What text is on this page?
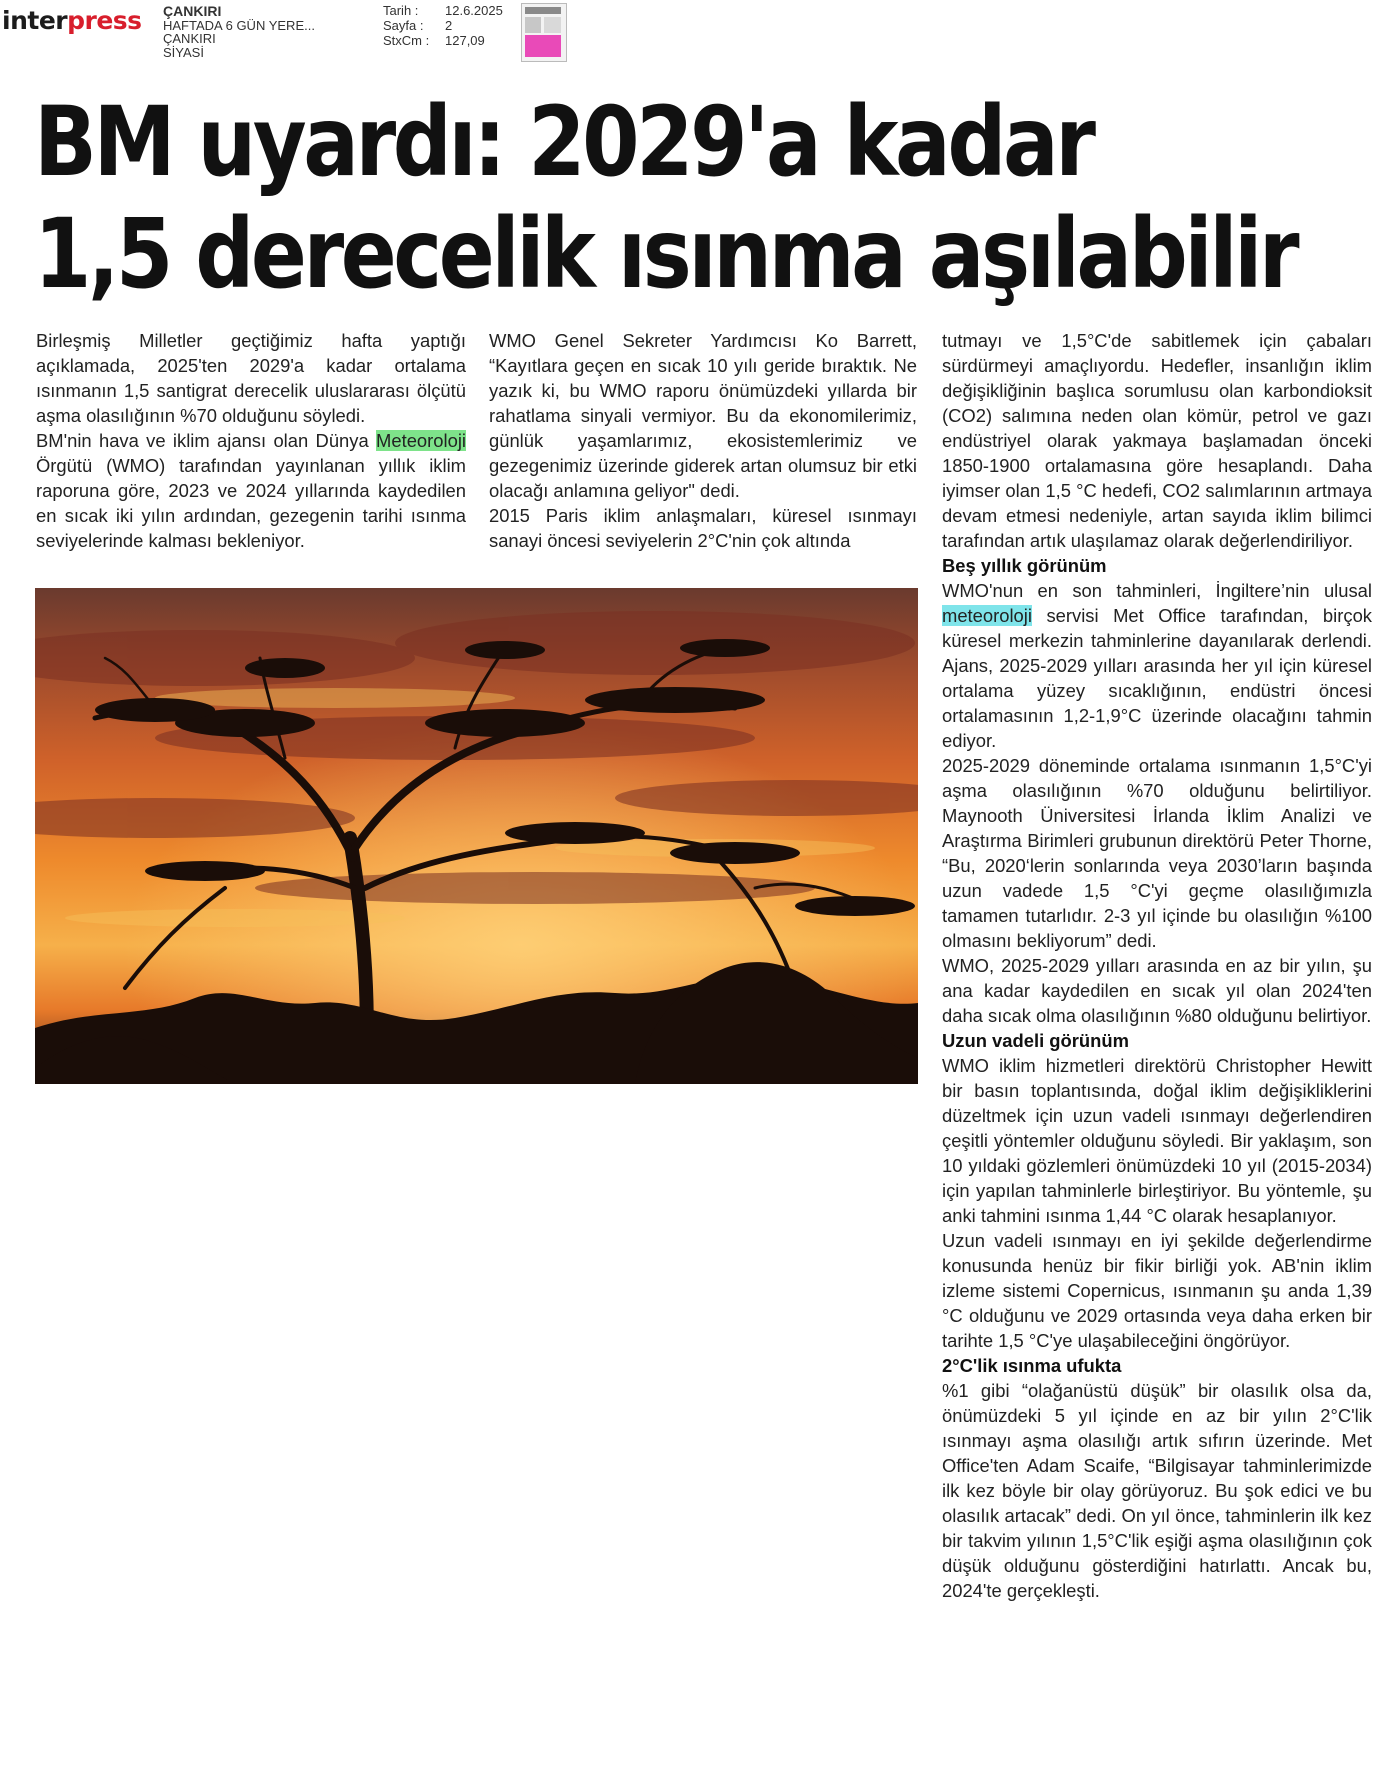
interpress ÇANKIRI
HAFTADA 6 GÜN YERE...
ÇANKIRI
SİYASİ
Tarih :	12.6.2025
Sayfa :	2
StxCm :	127,09
BM uyardı: 2029'a kadar
1,5 derecelik ısınma aşılabilir

Birleşmiş Milletler geçtiğimiz hafta yaptığı açıklamada, 2025'ten 2029'a kadar ortalama ısınmanın 1,5 santigrat derecelik uluslararası ölçütü aşma olasılığının %70 olduğunu söyledi.

BM'nin hava ve iklim ajansı olan Dünya Meteoroloji Örgütü (WMO) tarafından yayınlanan yıllık iklim raporuna göre, 2023 ve 2024 yıllarında kaydedilen en sıcak iki yılın ardından, gezegenin tarihi ısınma seviyelerinde kalması bekleniyor.

WMO Genel Sekreter Yardımcısı Ko Barrett, “Kayıtlara geçen en sıcak 10 yılı geride bıraktık. Ne yazık ki, bu WMO raporu önümüzdeki yıllarda bir rahatlama sinyali vermiyor. Bu da ekonomilerimiz, günlük yaşamlarımız, ekosistemlerimiz ve gezegenimiz üzerinde giderek artan olumsuz bir etki olacağı anlamına geliyor" dedi.

2015 Paris iklim anlaşmaları, küresel ısınmayı sanayi öncesi seviyelerin 2°C'nin çok altında

tutmayı ve 1,5°C'de sabitlemek için çabaları sürdürmeyi amaçlıyordu. Hedefler, insanlığın iklim değişikliğinin başlıca sorumlusu olan karbondioksit (CO2) salımına neden olan kömür, petrol ve gazı endüstriyel olarak yakmaya başlamadan önceki 1850-1900 ortalamasına göre hesaplandı. Daha iyimser olan 1,5 °C hedefi, CO2 salımlarının artmaya devam etmesi nedeniyle, artan sayıda iklim bilimci tarafından artık ulaşılamaz olarak değerlendiriliyor.

Beş yıllık görünüm

WMO'nun en son tahminleri, İngiltere’nin ulusal meteoroloji servisi Met Office tarafından, birçok küresel merkezin tahminlerine dayanılarak derlendi. Ajans, 2025-2029 yılları arasında her yıl için küresel ortalama yüzey sıcaklığının, endüstri öncesi ortalamasının 1,2-1,9°C üzerinde olacağını tahmin ediyor.

2025-2029 döneminde ortalama ısınmanın 1,5°C'yi aşma olasılığının %70 olduğunu belirtiliyor. Maynooth Üniversitesi İrlanda İklim Analizi ve Araştırma Birimleri grubunun direktörü Peter Thorne, “Bu, 2020‘lerin sonlarında veya 2030’ların başında uzun vadede 1,5 °C'yi geçme olasılığımızla tamamen tutarlıdır. 2-3 yıl içinde bu olasılığın %100 olmasını bekliyorum” dedi.

WMO, 2025-2029 yılları arasında en az bir yılın, şu ana kadar kaydedilen en sıcak yıl olan 2024'ten daha sıcak olma olasılığının %80 olduğunu belirtiyor.

Uzun vadeli görünüm

WMO iklim hizmetleri direktörü Christopher Hewitt bir basın toplantısında, doğal iklim değişikliklerini düzeltmek için uzun vadeli ısınmayı değerlendiren çeşitli yöntemler olduğunu söyledi. Bir yaklaşım, son 10 yıldaki gözlemleri önümüzdeki 10 yıl (2015-2034) için yapılan tahminlerle birleştiriyor. Bu yöntemle, şu anki tahmini ısınma 1,44 °C olarak hesaplanıyor.

Uzun vadeli ısınmayı en iyi şekilde değerlendirme konusunda henüz bir fikir birliği yok. AB'nin iklim izleme sistemi Copernicus, ısınmanın şu anda 1,39 °C olduğunu ve 2029 ortasında veya daha erken bir tarihte 1,5 °C'ye ulaşabileceğini öngörüyor.

2°C'lik ısınma ufukta

%1 gibi “olağanüstü düşük” bir olasılık olsa da, önümüzdeki 5 yıl içinde en az bir yılın 2°C'lik ısınmayı aşma olasılığı artık sıfırın üzerinde. Met Office'ten Adam Scaife, “Bilgisayar tahminlerimizde ilk kez böyle bir olay görüyoruz. Bu şok edici ve bu olasılık artacak” dedi. On yıl önce, tahminlerin ilk kez bir takvim yılının 1,5°C'lik eşiği aşma olasılığının çok düşük olduğunu gösterdiğini hatırlattı. Ancak bu, 2024'te gerçekleşti.
